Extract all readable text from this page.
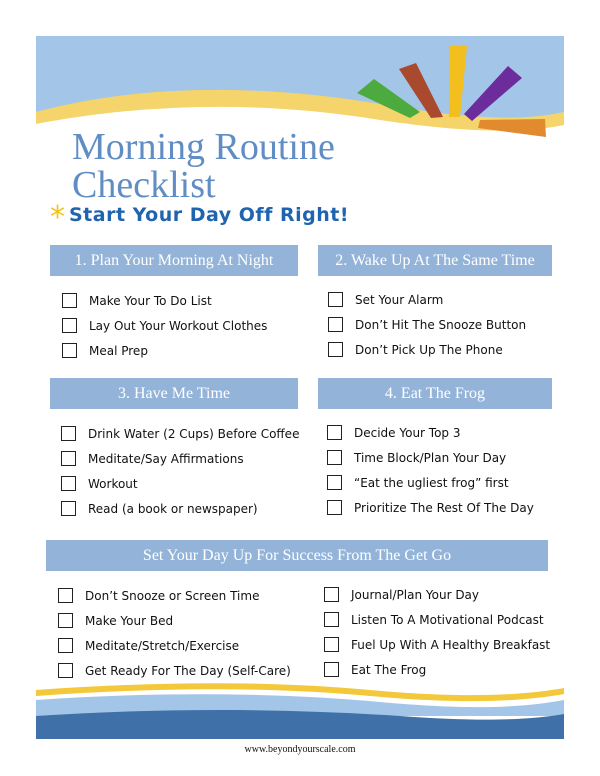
Morning Routine
Checklist
* Start Your Day Off Right!
1. Plan Your Morning At Night
Make Your To Do List
Lay Out Your Workout Clothes
Meal Prep
2. Wake Up At The Same Time
Set Your Alarm
Don’t Hit The Snooze Button
Don’t Pick Up The Phone
3. Have Me Time
Drink Water (2 Cups) Before Coffee
Meditate/Say Affirmations
Workout
Read (a book or newspaper)
4. Eat The Frog
Decide Your Top 3
Time Block/Plan Your Day
“Eat the ugliest frog” first
Prioritize The Rest Of The Day
Set Your Day Up For Success From The Get Go
Don’t Snooze or Screen Time
Make Your Bed
Meditate/Stretch/Exercise
Get Ready For The Day (Self-Care)
Journal/Plan Your Day
Listen To A Motivational Podcast
Fuel Up With A Healthy Breakfast
Eat The Frog
www.beyondyourscale.com
